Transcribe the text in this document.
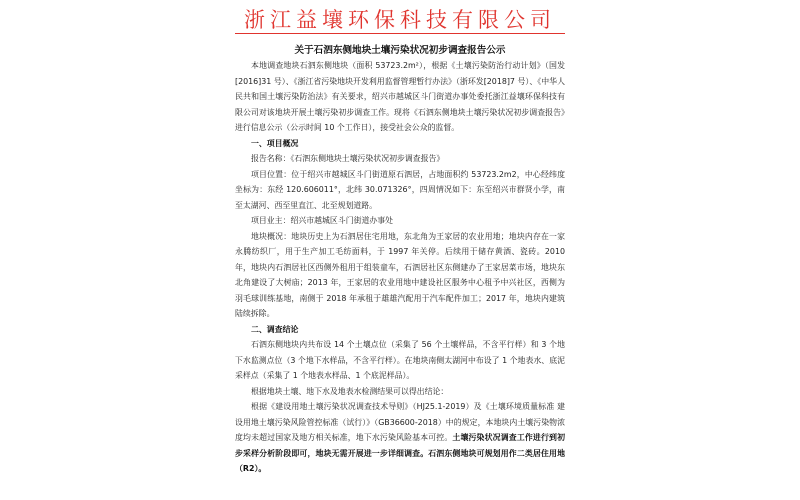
浙江益壤环保科技有限公司
关于石泗东侧地块土壤污染状况初步调查报告公示

本地调查地块石泗东侧地块（面积 53723.2m²），根据《土壤污染防治行动计划》（国发[2016]31 号）、《浙江省污染地块开发利用监督管理暂行办法》（浙环发[2018]7 号）、《中华人民共和国土壤污染防治法》有关要求，绍兴市越城区斗门街道办事处委托浙江益壤环保科技有限公司对该地块开展土壤污染初步调查工作。现将《石泗东侧地块土壤污染状况初步调查报告》进行信息公示（公示时间 10 个工作日），接受社会公众的监督。

一、项目概况

报告名称：《石泗东侧地块土壤污染状况初步调查报告》

项目位置：位于绍兴市越城区斗门街道原石泗居，占地面积约 53723.2m2，中心经纬度坐标为：东经 120.606011°，北纬 30.071326°，四周情况如下：东至绍兴市群贤小学，南至太湖河、西至里直江、北至规划道路。

项目业主：绍兴市越城区斗门街道办事处

地块概况：地块历史上为石泗居住宅用地，东北角为王家居的农业用地；地块内存在一家永腾纺织厂，用于生产加工毛纺面料，于 1997 年关停。后续用于储存黄酒、瓷砖。2010 年，地块内石泗居社区西侧外租用于组装童车，石泗居社区东侧建办了王家居菜市场，地块东北角建设了大树庙；2013 年，王家居的农业用地中建设社区服务中心租予中兴社区，西侧为羽毛球训练基地，南侧于 2018 年承租于雄雄汽配用于汽车配件加工；2017 年，地块内建筑陆续拆除。

二、调查结论

石泗东侧地块内共布设 14 个土壤点位（采集了 56 个土壤样品，不含平行样）和 3 个地下水监测点位（3 个地下水样品，不含平行样）。在地块南侧太湖河中布设了 1 个地表水、底泥采样点（采集了 1 个地表水样品、1 个底泥样品）。

根据地块土壤、地下水及地表水检测结果可以得出结论：

根据《建设用地土壤污染状况调查技术导则》（HJ25.1-2019）及《土壤环境质量标准 建设用地土壤污染风险管控标准（试行）》（GB36600-2018）中的规定，本地块内土壤污染物浓度均未超过国家及地方相关标准，地下水污染风险基本可控。土壤污染状况调查工作进行到初步采样分析阶段即可，地块无需开展进一步详细调查。石泗东侧地块可规划用作二类居住用地（R2）。
